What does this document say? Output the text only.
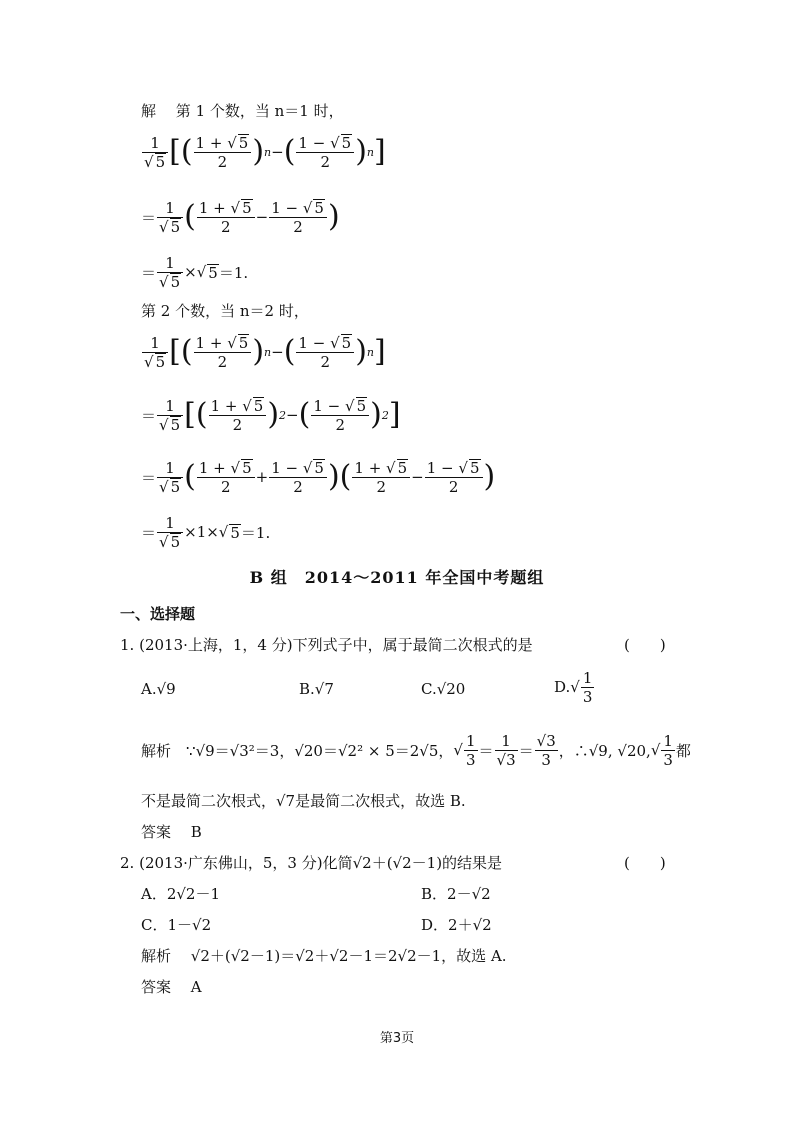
解　 第 1 个数，当 n＝1 时，
$\frac{1}{√ 5}$ [ ( $\frac{1 + √ 5}{2}$ ) n − ( $\frac{1 - √ 5}{2}$ ) n ]
＝ $\frac{1}{√ 5}$ ( $\frac{1 + √ 5}{2} - \frac{1 - √ 5}{2}$ )
＝ $\frac{1}{√ 5}$ ×√ 5 ＝1.
第 2 个数，当 n＝2 时，
$\frac{1}{√ 5}$ [ ( $\frac{1 + √ 5}{2}$ ) n − ( $\frac{1 - √ 5}{2}$ ) n ]
＝ $\frac{1}{√ 5}$ [ ( $\frac{1 + √ 5}{2}$ ) 2 − ( $\frac{1 - √ 5}{2}$ ) 2 ]
＝ $\frac{1}{√ 5}$ ( $\frac{1 + √ 5}{2} + \frac{1 - √ 5}{2}$ ) ( $\frac{1 + √ 5}{2} - \frac{1 - √ 5}{2}$ )
＝ $\frac{1}{√ 5} \times 1\times√$ 5 ＝1.
B 组　2014～2011 年全国中考题组
一、选择题
1. (2013·上海，1，4 分)下列式子中，属于最简二次根式的是	(　　)
A.√9	B.√7	C.√20	D. √ $\frac{1}{3}$
解析
　 ∵√9＝√3²＝3，√20＝√2² × 5＝2√5， √ $\frac{1}{3} = \frac{1}{√3} = \frac{√3}{3}$ ，∴√9, √20, √ $\frac{1}{3}$ 都
不是最简二次根式，√7是最简二次根式，故选 B.
答案　 B
2. (2013·广东佛山，5，3 分)化简√2＋(√2－1)的结果是	(　　)
A．2√2－1	B．2－√2
C．1－√2	D．2＋√2
解析　 √2＋(√2－1)＝√2＋√2－1＝2√2－1，故选 A.
答案　 A
第3页
